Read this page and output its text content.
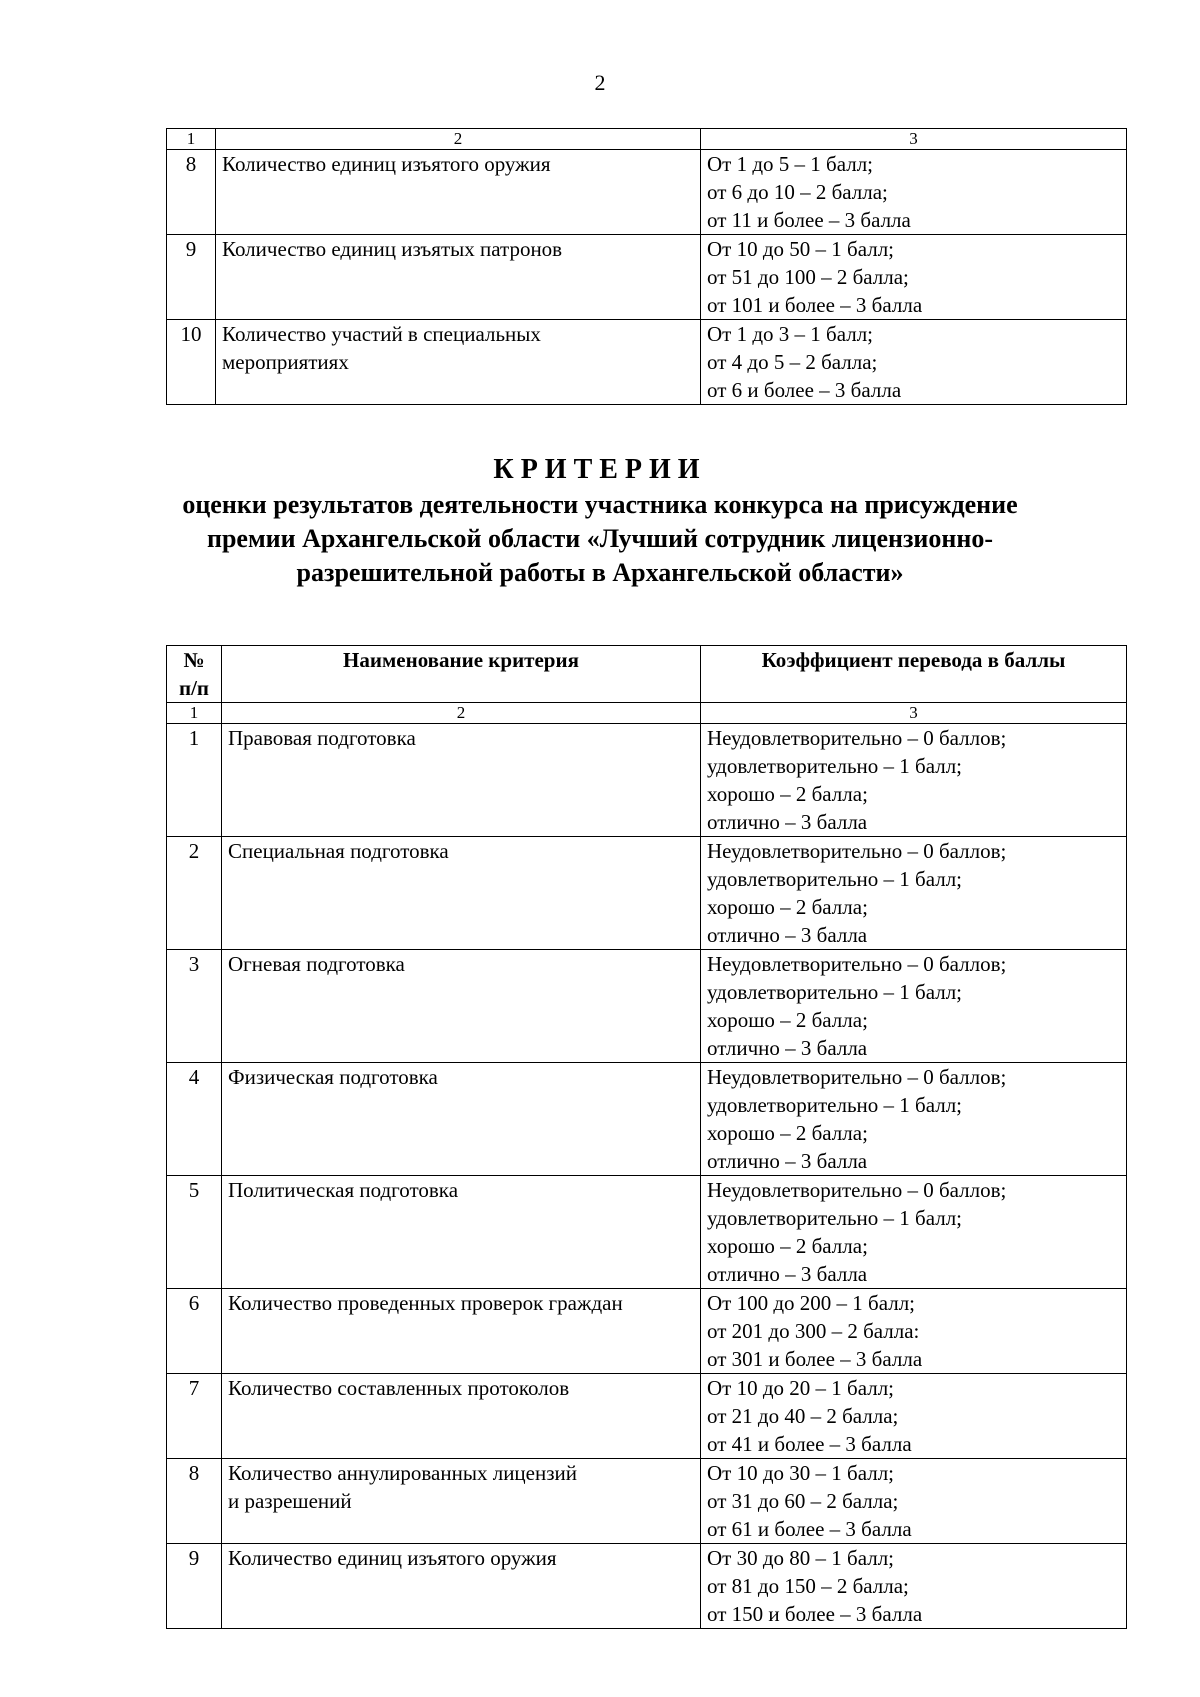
2
1	2	3
8	Количество единиц изъятого оружия	От 1 до 5 – 1 балл;
от 6 до 10 – 2 балла;
от 11 и более – 3 балла

9	Количество единиц изъятых патронов	От 10 до 50 – 1 балл;
от 51 до 100 – 2 балла;
от 101 и более – 3 балла

10	Количество участий в специальных
мероприятиях	От 1 до 3 – 1 балл;
от 4 до 5 – 2 балла;
от 6 и более – 3 балла
КРИТЕРИИ
оценки результатов деятельности участника конкурса на присуждение
премии Архангельской области «Лучший сотрудник лицензионно-
разрешительной работы в Архангельской области»
№
п/п	Наименование критерия	Коэффициент перевода в баллы
1	2	3
1	Правовая подготовка	Неудовлетворительно – 0 баллов;
удовлетворительно – 1 балл;
хорошо – 2 балла;
отлично – 3 балла

2	Специальная подготовка	Неудовлетворительно – 0 баллов;
удовлетворительно – 1 балл;
хорошо – 2 балла;
отлично – 3 балла

3	Огневая подготовка	Неудовлетворительно – 0 баллов;
удовлетворительно – 1 балл;
хорошо – 2 балла;
отлично – 3 балла

4	Физическая подготовка	Неудовлетворительно – 0 баллов;
удовлетворительно – 1 балл;
хорошо – 2 балла;
отлично – 3 балла

5	Политическая подготовка	Неудовлетворительно – 0 баллов;
удовлетворительно – 1 балл;
хорошо – 2 балла;
отлично – 3 балла

6	Количество проведенных проверок граждан	От 100 до 200 – 1 балл;
от 201 до 300 – 2 балла:
от 301 и более – 3 балла

7	Количество составленных протоколов	От 10 до 20 – 1 балл;
от 21 до 40 – 2 балла;
от 41 и более – 3 балла

8	Количество аннулированных лицензий
и разрешений	От 10 до 30 – 1 балл;
от 31 до 60 – 2 балла;
от 61 и более – 3 балла

9	Количество единиц изъятого оружия	От 30 до 80 – 1 балл;
от 81 до 150 – 2 балла;
от 150 и более – 3 балла
